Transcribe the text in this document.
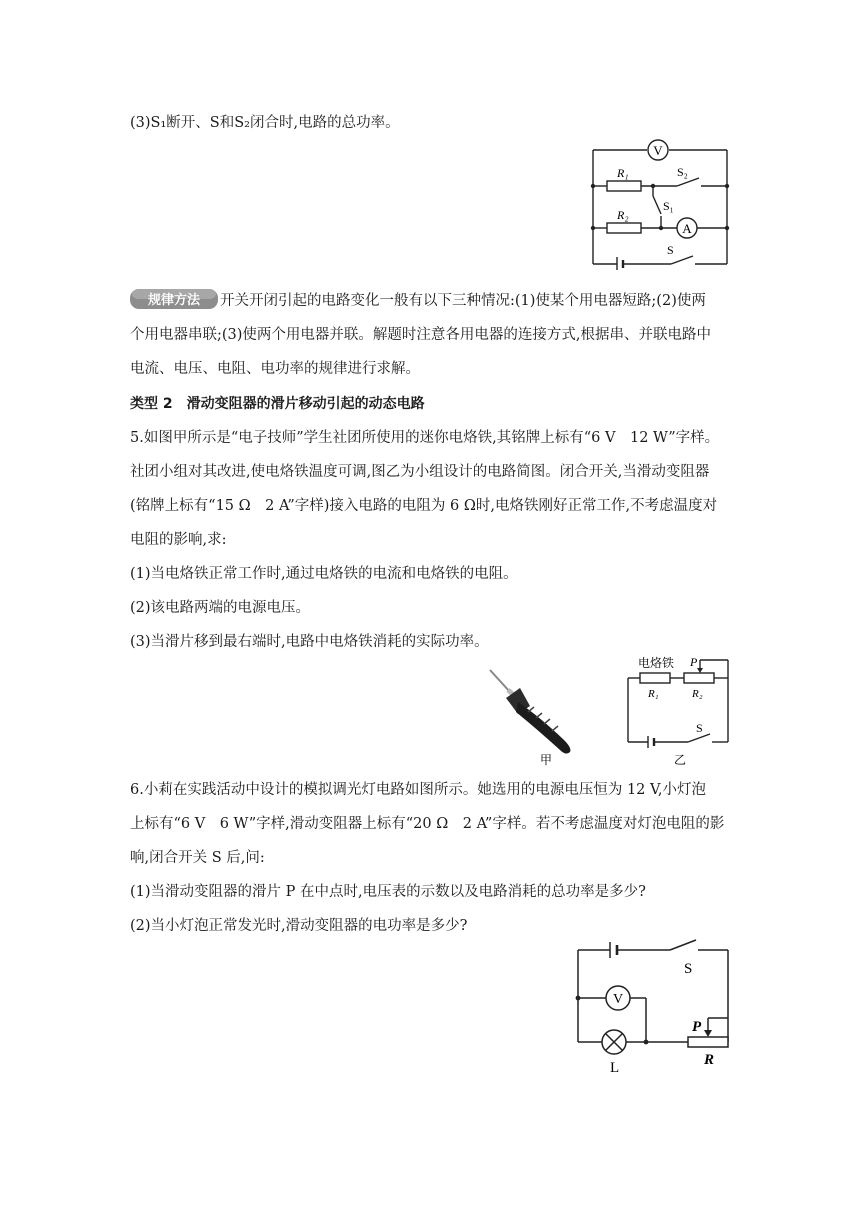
(3)S₁断开、S和S₂闭合时,电路的总功率。
V
A
R₁
R₂
S₂
S₁
S
规律方法 开关开闭引起的电路变化一般有以下三种情况:(1)使某个用电器短路;(2)使两
个用电器串联;(3)使两个用电器并联。解题时注意各用电器的连接方式,根据串、并联电路中
电流、电压、电阻、电功率的规律进行求解。
类型 2　滑动变阻器的滑片移动引起的动态电路
5.如图甲所示是“电子技师”学生社团所使用的迷你电烙铁,其铭牌上标有“6 V　12 W”字样。
社团小组对其改进,使电烙铁温度可调,图乙为小组设计的电路简图。闭合开关,当滑动变阻器
(铭牌上标有“15 Ω　2 A”字样)接入电路的电阻为 6 Ω时,电烙铁刚好正常工作,不考虑温度对
电阻的影响,求:
(1)当电烙铁正常工作时,通过电烙铁的电流和电烙铁的电阻。
(2)该电路两端的电源电压。
(3)当滑片移到最右端时,电路中电烙铁消耗的实际功率。
甲
电烙铁 P
R₁	R₂
S
乙
6.小莉在实践活动中设计的模拟调光灯电路如图所示。她选用的电源电压恒为 12 V,小灯泡
上标有“6 V　6 W”字样,滑动变阻器上标有“20 Ω　2 A”字样。若不考虑温度对灯泡电阻的影
响,闭合开关 S 后,问:
(1)当滑动变阻器的滑片 P 在中点时,电压表的示数以及电路消耗的总功率是多少?
(2)当小灯泡正常发光时,滑动变阻器的电功率是多少?
V
S
P
R
L
